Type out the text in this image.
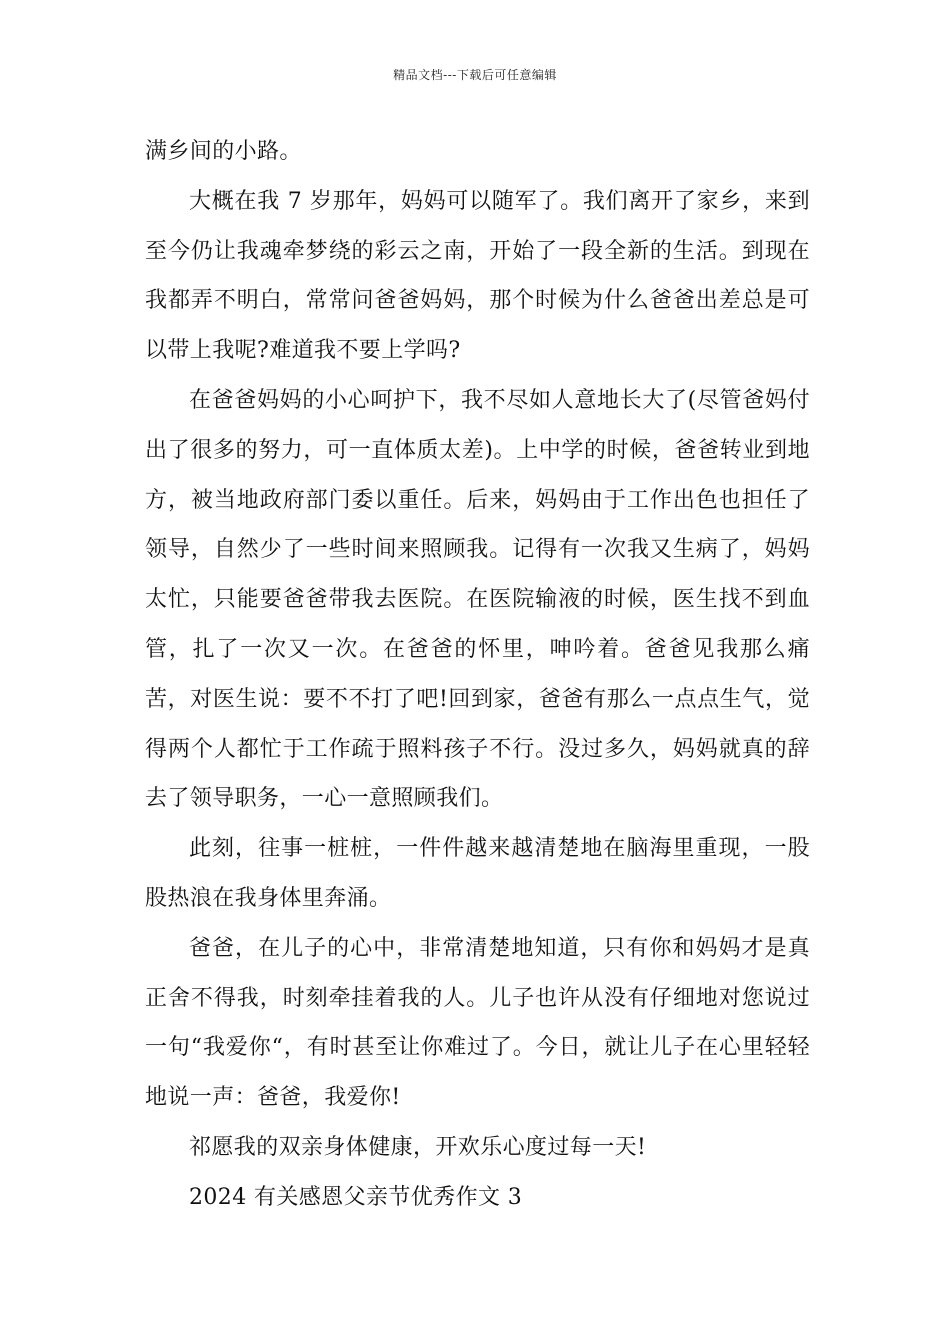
精品文档---下载后可任意编辑

满乡间的小路。

大概在我 7 岁那年，妈妈可以随军了。我们离开了家乡，来到至今仍让我魂牵梦绕的彩云之南，开始了一段全新的生活。到现在我都弄不明白，常常问爸爸妈妈，那个时候为什么爸爸出差总是可以带上我呢?难道我不要上学吗?

在爸爸妈妈的小心呵护下，我不尽如人意地长大了(尽管爸妈付出了很多的努力，可一直体质太差)。上中学的时候，爸爸转业到地方，被当地政府部门委以重任。后来，妈妈由于工作出色也担任了领导，自然少了一些时间来照顾我。记得有一次我又生病了，妈妈太忙，只能要爸爸带我去医院。在医院输液的时候，医生找不到血管，扎了一次又一次。在爸爸的怀里，呻吟着。爸爸见我那么痛苦，对医生说：要不不打了吧!回到家，爸爸有那么一点点生气，觉得两个人都忙于工作疏于照料孩子不行。没过多久，妈妈就真的辞去了领导职务，一心一意照顾我们。

此刻，往事一桩桩，一件件越来越清楚地在脑海里重现，一股股热浪在我身体里奔涌。

爸爸，在儿子的心中，非常清楚地知道，只有你和妈妈才是真正舍不得我，时刻牵挂着我的人。儿子也许从没有仔细地对您说过一句“我爱你“，有时甚至让你难过了。今日，就让儿子在心里轻轻地说一声：爸爸，我爱你!

祁愿我的双亲身体健康，开欢乐心度过每一天!

2024 有关感恩父亲节优秀作文 3
